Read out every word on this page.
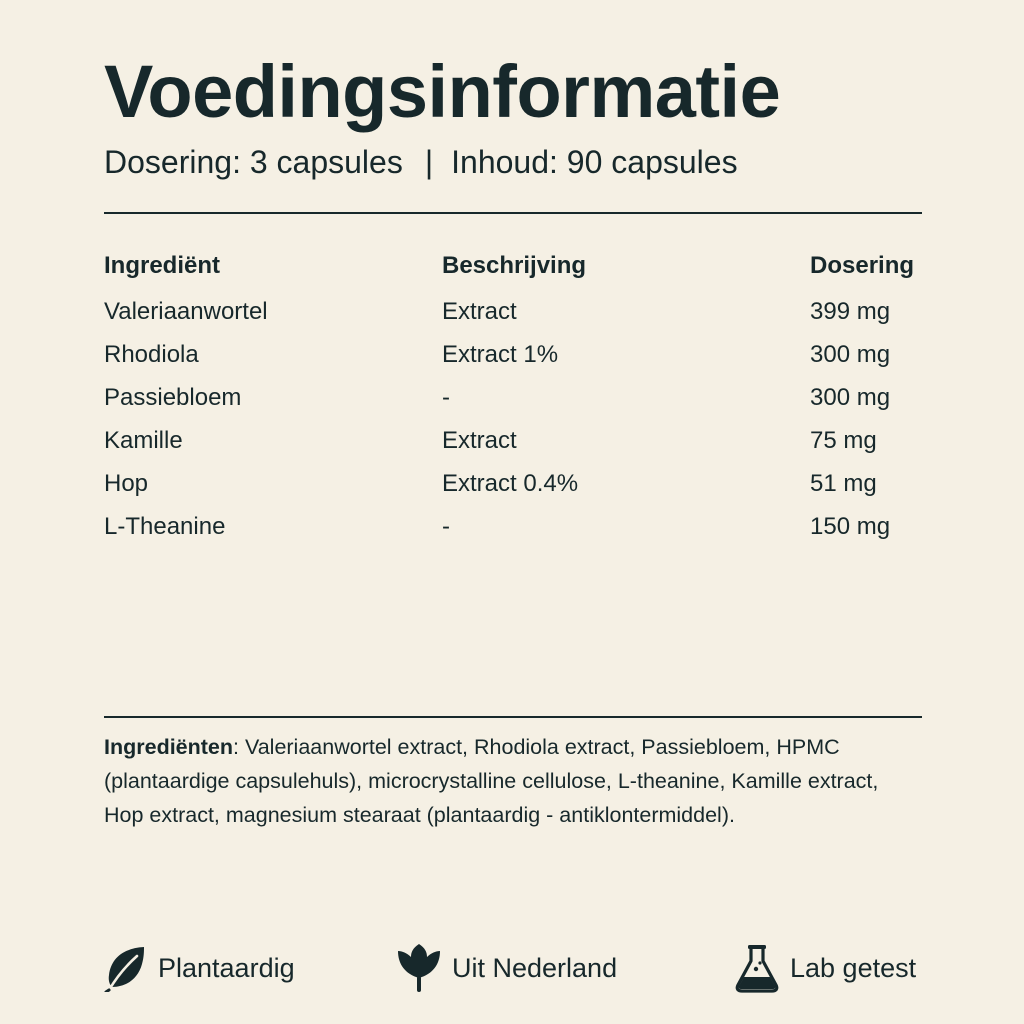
Voedingsinformatie
Dosering: 3 capsules | Inhoud: 90 capsules
Ingrediënt	Beschrijving	Dosering
Valeriaanwortel	Extract	399 mg
Rhodiola	Extract 1%	300 mg
Passiebloem	-	300 mg
Kamille	Extract	75 mg
Hop	Extract 0.4%	51 mg
L-Theanine	-	150 mg
Ingrediënten: Valeriaanwortel extract, Rhodiola extract, Passiebloem, HPMC (plantaardige capsulehuls), microcrystalline cellulose, L-theanine, Kamille extract, Hop extract, magnesium stearaat (plantaardig - antiklontermiddel).
Plantaardig	Uit Nederland	Lab getest
